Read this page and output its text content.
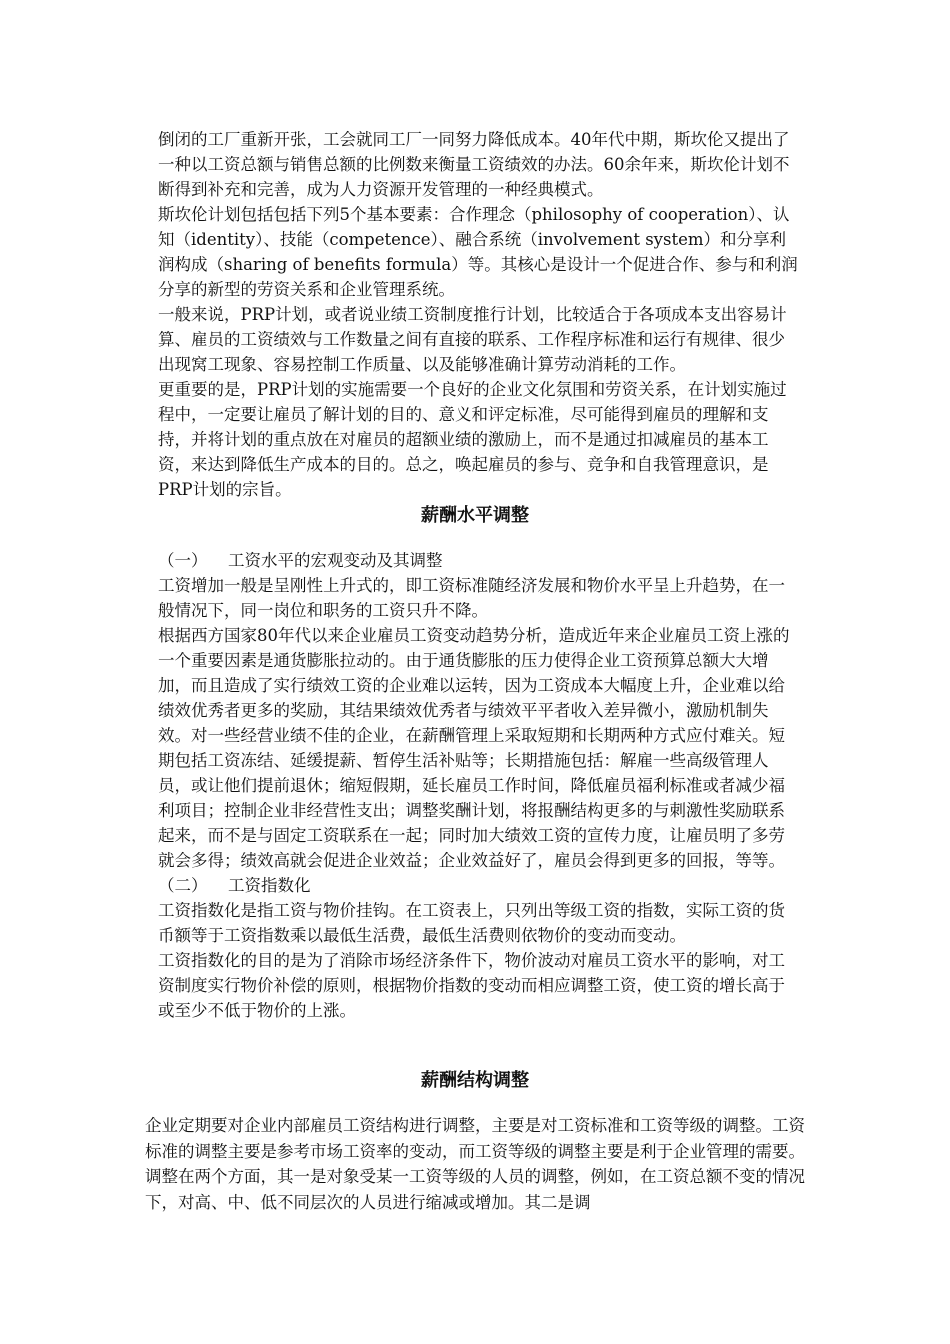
倒闭的工厂重新开张，工会就同工厂一同努力降低成本。40年代中期，斯坎伦又提出了一种以工资总额与销售总额的比例数来衡量工资绩效的办法。60余年来，斯坎伦计划不断得到补充和完善，成为人力资源开发管理的一种经典模式。

斯坎伦计划包括包括下列5个基本要素：合作理念（philosophy of cooperation）、认知（identity）、技能（competence）、融合系统（involvement system）和分享利润构成（sharing of benefits formula）等。其核心是设计一个促进合作、参与和利润分享的新型的劳资关系和企业管理系统。

一般来说，PRP计划，或者说业绩工资制度推行计划，比较适合于各项成本支出容易计算、雇员的工资绩效与工作数量之间有直接的联系、工作程序标准和运行有规律、很少出现窝工现象、容易控制工作质量、以及能够准确计算劳动消耗的工作。

更重要的是，PRP计划的实施需要一个良好的企业文化氛围和劳资关系，在计划实施过程中，一定要让雇员了解计划的目的、意义和评定标准，尽可能得到雇员的理解和支持，并将计划的重点放在对雇员的超额业绩的激励上，而不是通过扣减雇员的基本工资，来达到降低生产成本的目的。总之，唤起雇员的参与、竞争和自我管理意识，是PRP计划的宗旨。

薪酬水平调整

（一） 工资水平的宏观变动及其调整

工资增加一般是呈刚性上升式的，即工资标准随经济发展和物价水平呈上升趋势，在一般情况下，同一岗位和职务的工资只升不降。

根据西方国家80年代以来企业雇员工资变动趋势分析，造成近年来企业雇员工资上涨的一个重要因素是通货膨胀拉动的。由于通货膨胀的压力使得企业工资预算总额大大增加，而且造成了实行绩效工资的企业难以运转，因为工资成本大幅度上升，企业难以给绩效优秀者更多的奖励，其结果绩效优秀者与绩效平平者收入差异微小，激励机制失效。对一些经营业绩不佳的企业，在薪酬管理上采取短期和长期两种方式应付难关。短期包括工资冻结、延缓提薪、暂停生活补贴等；长期措施包括：解雇一些高级管理人员，或让他们提前退休；缩短假期，延长雇员工作时间，降低雇员福利标准或者减少福利项目；控制企业非经营性支出；调整奖酬计划，将报酬结构更多的与刺激性奖励联系起来，而不是与固定工资联系在一起；同时加大绩效工资的宣传力度，让雇员明了多劳就会多得；绩效高就会促进企业效益；企业效益好了，雇员会得到更多的回报，等等。

（二） 工资指数化

工资指数化是指工资与物价挂钩。在工资表上，只列出等级工资的指数，实际工资的货币额等于工资指数乘以最低生活费，最低生活费则依物价的变动而变动。

工资指数化的目的是为了消除市场经济条件下，物价波动对雇员工资水平的影响，对工资制度实行物价补偿的原则，根据物价指数的变动而相应调整工资，使工资的增长高于或至少不低于物价的上涨。

薪酬结构调整

企业定期要对企业内部雇员工资结构进行调整，主要是对工资标准和工资等级的调整。工资标准的调整主要是参考市场工资率的变动，而工资等级的调整主要是利于企业管理的需要。调整在两个方面，其一是对象受某一工资等级的人员的调整，例如，在工资总额不变的情况下，对高、中、低不同层次的人员进行缩减或增加。其二是调
